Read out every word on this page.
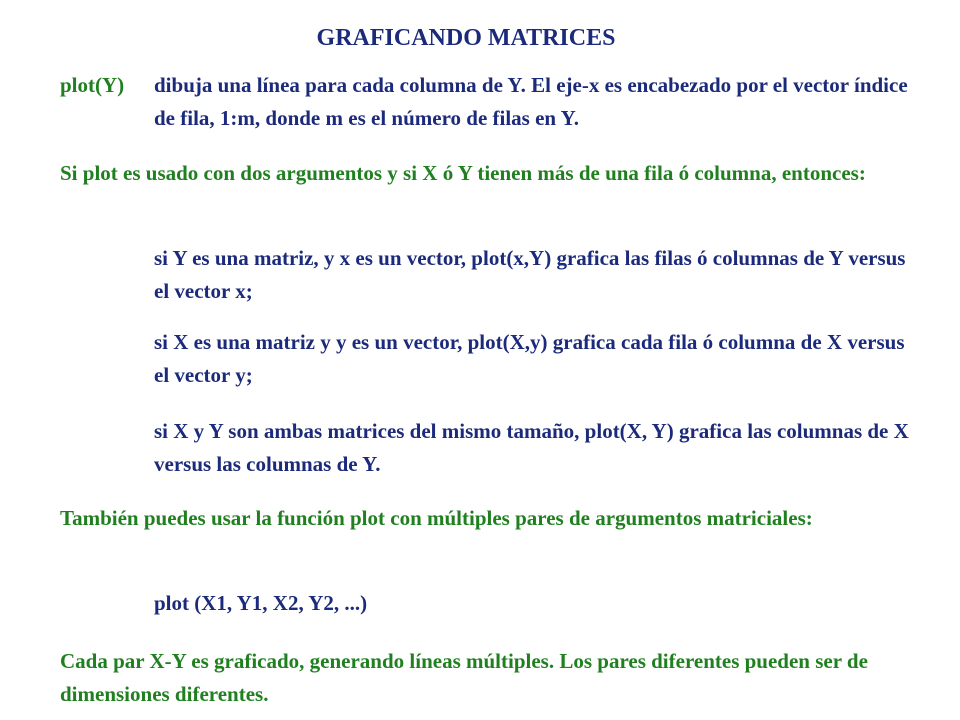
GRAFICANDO MATRICES
plot(Y) dibuja una línea para cada columna de Y. El eje-x es encabezado por el vector índice de fila, 1:m, donde m es el número de filas en Y.

Si plot es usado con dos argumentos y si X ó Y tienen más de una fila ó columna, entonces:

si Y es una matriz, y x es un vector, plot(x,Y) grafica las filas ó columnas de Y versus el vector x;

si X es una matriz y y es un vector, plot(X,y) grafica cada fila ó columna de X versus el vector y;

si X y Y son ambas matrices del mismo tamaño, plot(X, Y) grafica las columnas de X versus las columnas de Y.

También puedes usar la función plot con múltiples pares de argumentos matriciales:

plot (X1, Y1, X2, Y2, ...)

Cada par X-Y es graficado, generando líneas múltiples. Los pares diferentes pueden ser de dimensiones diferentes.
